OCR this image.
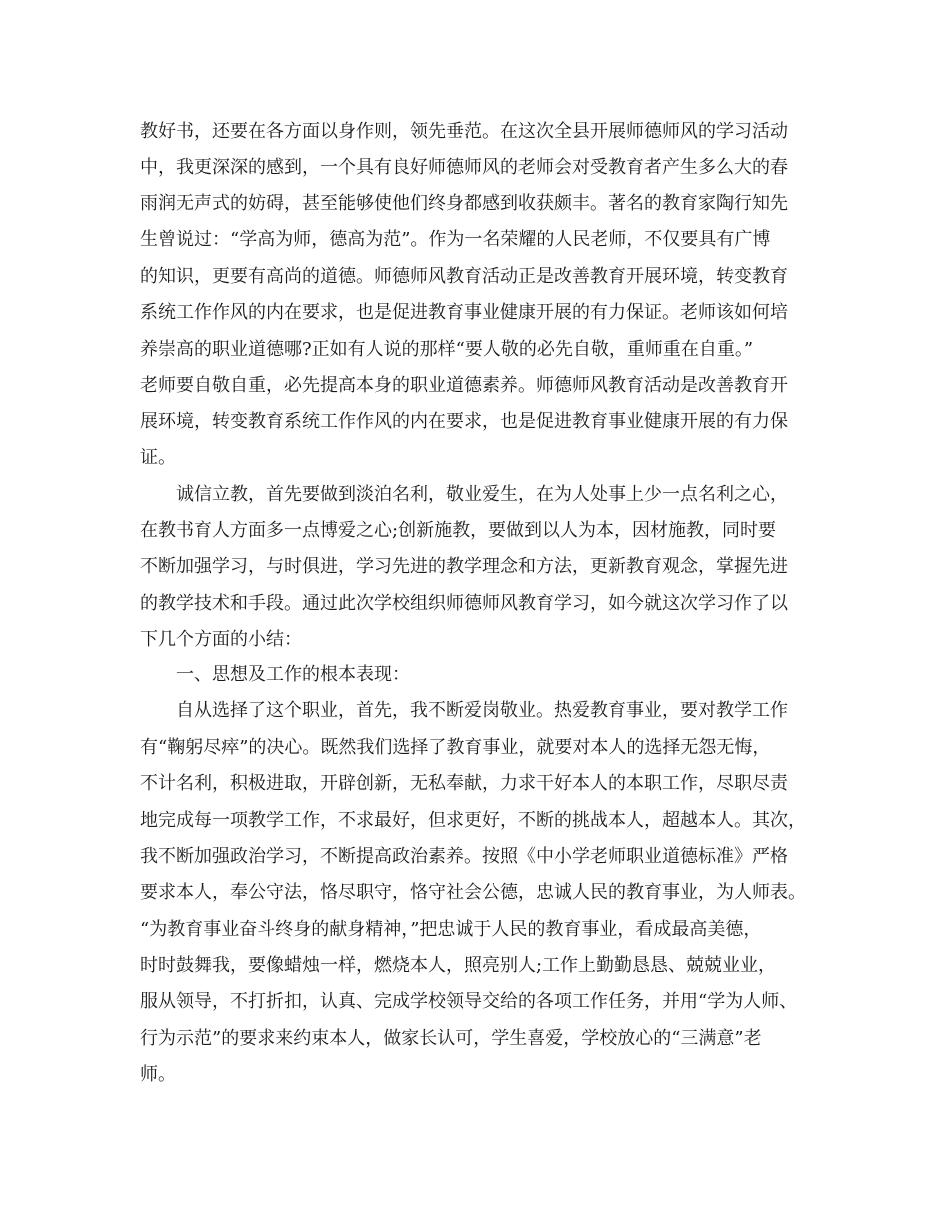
教好书，还要在各方面以身作则，领先垂范。在这次全县开展师德师风的学习活动
中，我更深深的感到，一个具有良好师德师风的老师会对受教育者产生多么大的春
雨润无声式的妨碍，甚至能够使他们终身都感到收获颇丰。著名的教育家陶行知先
生曾说过：“学高为师，德高为范”。作为一名荣耀的人民老师，不仅要具有广博
的知识，更要有高尚的道德。师德师风教育活动正是改善教育开展环境，转变教育
系统工作作风的内在要求，也是促进教育事业健康开展的有力保证。老师该如何培
养崇高的职业道德哪?正如有人说的那样“要人敬的必先自敬，重师重在自重。”
老师要自敬自重，必先提高本身的职业道德素养。师德师风教育活动是改善教育开
展环境，转变教育系统工作作风的内在要求，也是促进教育事业健康开展的有力保
证。
诚信立教，首先要做到淡泊名利，敬业爱生，在为人处事上少一点名利之心，
在教书育人方面多一点博爱之心;创新施教，要做到以人为本，因材施教，同时要
不断加强学习，与时俱进，学习先进的教学理念和方法，更新教育观念，掌握先进
的教学技术和手段。通过此次学校组织师德师风教育学习，如今就这次学习作了以
下几个方面的小结：
一、思想及工作的根本表现：
自从选择了这个职业，首先，我不断爱岗敬业。热爱教育事业，要对教学工作
有“鞠躬尽瘁”的决心。既然我们选择了教育事业，就要对本人的选择无怨无悔，
不计名利，积极进取，开辟创新，无私奉献，力求干好本人的本职工作，尽职尽责
地完成每一项教学工作，不求最好，但求更好，不断的挑战本人，超越本人。其次，
我不断加强政治学习，不断提高政治素养。按照《中小学老师职业道德标准》严格
要求本人，奉公守法，恪尽职守，恪守社会公德，忠诚人民的教育事业，为人师表。
“为教育事业奋斗终身的献身精神，”把忠诚于人民的教育事业，看成最高美德，
时时鼓舞我，要像蜡烛一样，燃烧本人，照亮别人;工作上勤勤恳恳、兢兢业业，
服从领导，不打折扣，认真、完成学校领导交给的各项工作任务，并用“学为人师、
行为示范”的要求来约束本人，做家长认可，学生喜爱，学校放心的“三满意”老
师。
